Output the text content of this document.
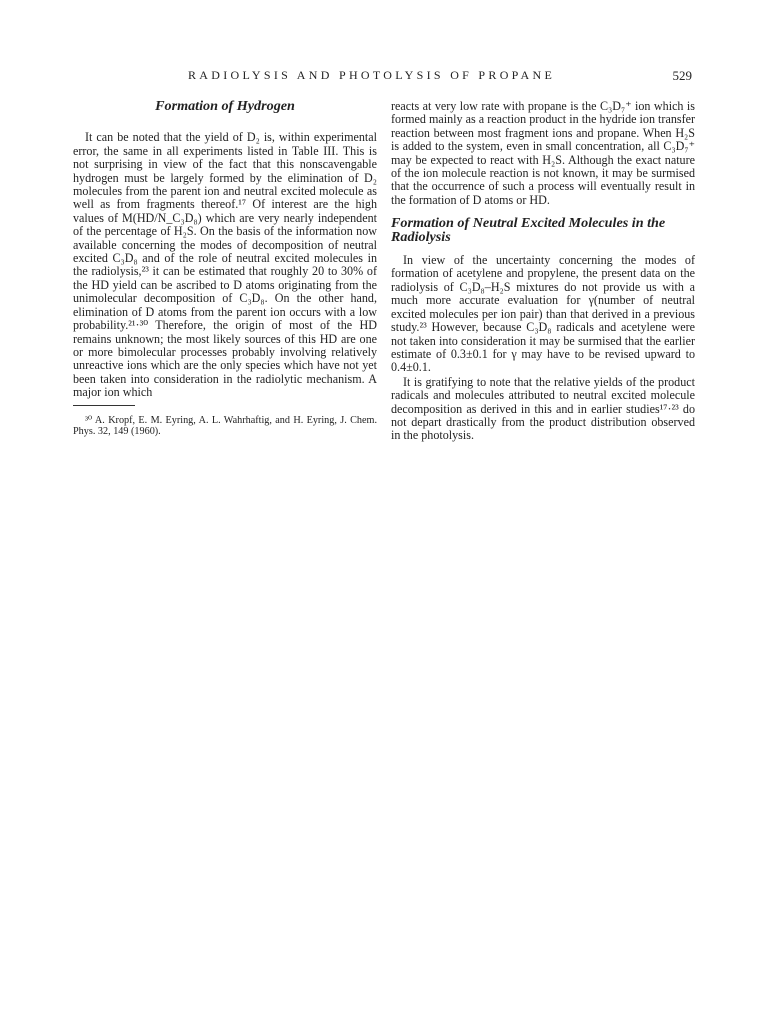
RADIOLYSIS AND PHOTOLYSIS OF PROPANE	529
Formation of Hydrogen

It can be noted that the yield of D₂ is, within experimental error, the same in all experiments listed in Table III. This is not surprising in view of the fact that this nonscavengable hydrogen must be largely formed by the elimination of D₂ molecules from the parent ion and neutral excited molecule as well as from fragments thereof.¹⁷ Of interest are the high values of M(HD/N_C₃D₈) which are very nearly independent of the percentage of H₂S. On the basis of the information now available concerning the modes of decomposition of neutral excited C₃D₈ and of the role of neutral excited molecules in the radiolysis,²³ it can be estimated that roughly 20 to 30% of the HD yield can be ascribed to D atoms originating from the unimolecular decomposition of C₃D₈. On the other hand, elimination of D atoms from the parent ion occurs with a low probability.²¹·³⁰ Therefore, the origin of most of the HD remains unknown; the most likely sources of this HD are one or more bimolecular processes probably involving relatively unreactive ions which are the only species which have not yet been taken into consideration in the radiolytic mechanism. A major ion which

³⁰ A. Kropf, E. M. Eyring, A. L. Wahrhaftig, and H. Eyring, J. Chem. Phys. 32, 149 (1960).

reacts at very low rate with propane is the C₃D₇⁺ ion which is formed mainly as a reaction product in the hydride ion transfer reaction between most fragment ions and propane. When H₂S is added to the system, even in small concentration, all C₃D₇⁺ may be expected to react with H₂S. Although the exact nature of the ion molecule reaction is not known, it may be surmised that the occurrence of such a process will eventually result in the formation of D atoms or HD.

Formation of Neutral Excited Molecules in the Radiolysis

In view of the uncertainty concerning the modes of formation of acetylene and propylene, the present data on the radiolysis of C₃D₈–H₂S mixtures do not provide us with a much more accurate evaluation for γ(number of neutral excited molecules per ion pair) than that derived in a previous study.²³ However, because C₃D₈ radicals and acetylene were not taken into consideration it may be surmised that the earlier estimate of 0.3±0.1 for γ may have to be revised upward to 0.4±0.1.

It is gratifying to note that the relative yields of the product radicals and molecules attributed to neutral excited molecule decomposition as derived in this and in earlier studies¹⁷·²³ do not depart drastically from the product distribution observed in the photolysis.
